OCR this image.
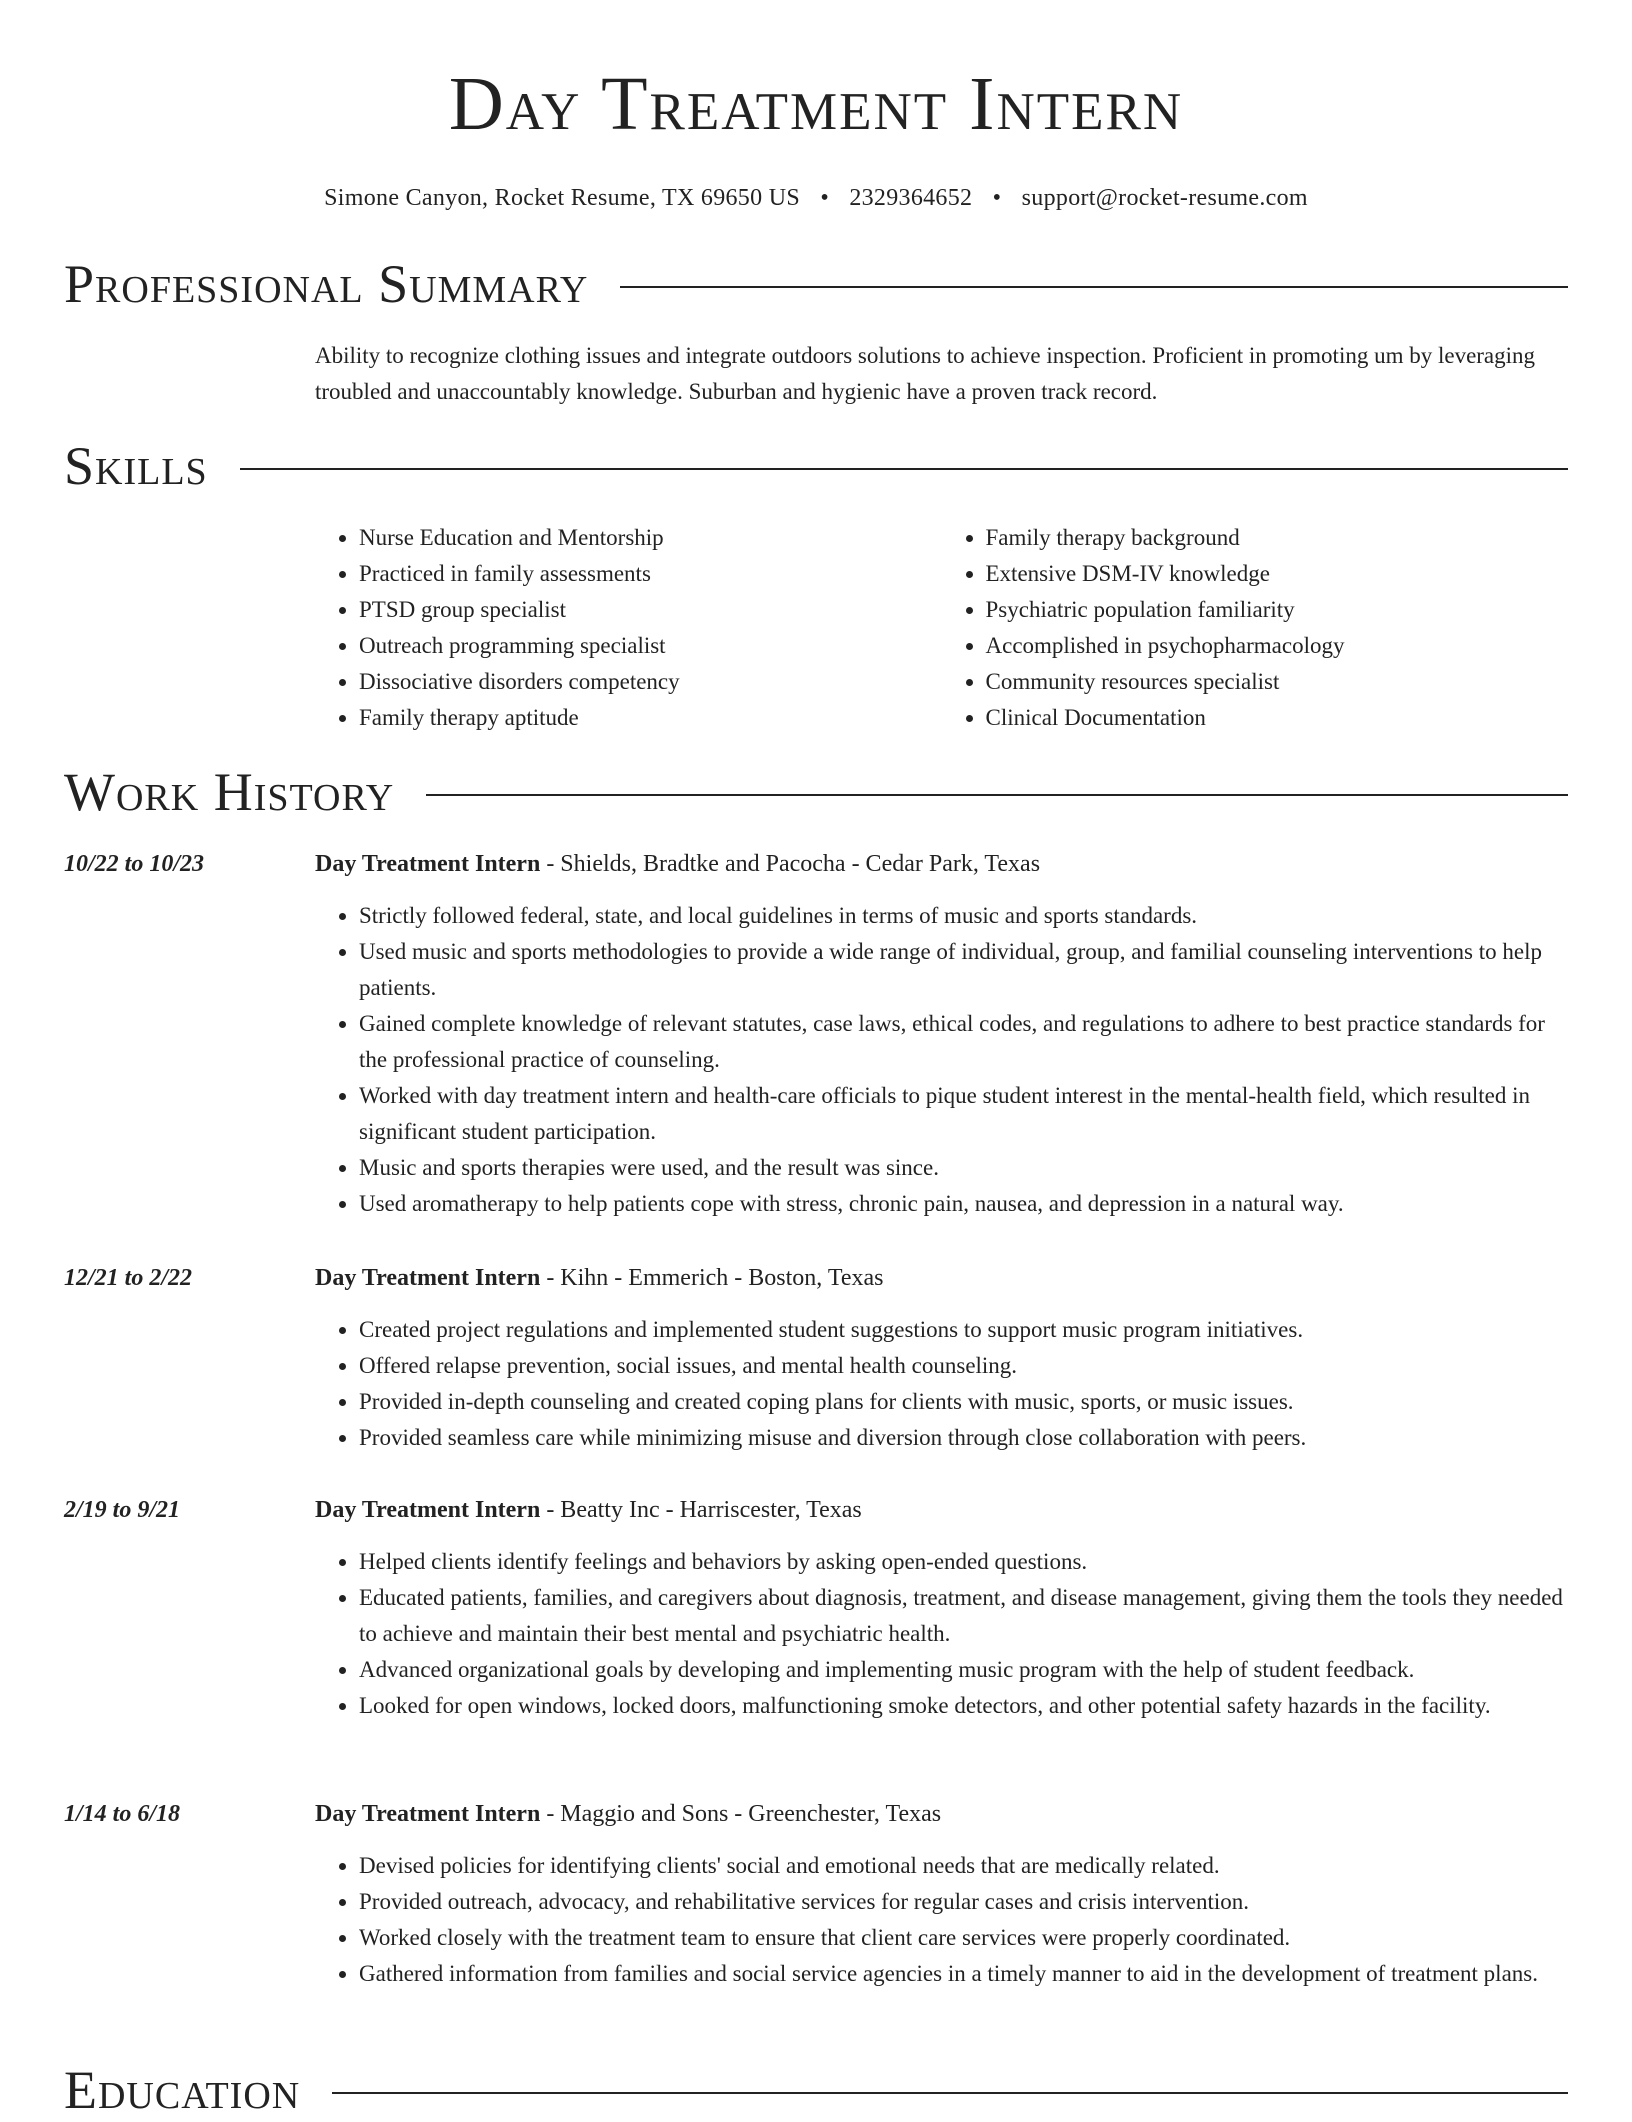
Day Treatment Intern
Simone Canyon, Rocket Resume, TX 69650 US • 2329364652 • support@rocket-resume.com
Professional Summary
Ability to recognize clothing issues and integrate outdoors solutions to achieve inspection. Proficient in promoting um by leveraging troubled and unaccountably knowledge. Suburban and hygienic have a proven track record.
Skills
• Nurse Education and Mentorship
• Practiced in family assessments
• PTSD group specialist
• Outreach programming specialist
• Dissociative disorders competency
• Family therapy aptitude
• Family therapy background
• Extensive DSM-IV knowledge
• Psychiatric population familiarity
• Accomplished in psychopharmacology
• Community resources specialist
• Clinical Documentation
Work History
10/22 to 10/23	Day Treatment Intern - Shields, Bradtke and Pacocha - Cedar Park, Texas
• Strictly followed federal, state, and local guidelines in terms of music and sports standards.
• Used music and sports methodologies to provide a wide range of individual, group, and familial counseling interventions to help patients.
• Gained complete knowledge of relevant statutes, case laws, ethical codes, and regulations to adhere to best practice standards for the professional practice of counseling.
• Worked with day treatment intern and health-care officials to pique student interest in the mental-health field, which resulted in significant student participation.
• Music and sports therapies were used, and the result was since.
• Used aromatherapy to help patients cope with stress, chronic pain, nausea, and depression in a natural way.
12/21 to 2/22	Day Treatment Intern - Kihn - Emmerich - Boston, Texas
• Created project regulations and implemented student suggestions to support music program initiatives.
• Offered relapse prevention, social issues, and mental health counseling.
• Provided in-depth counseling and created coping plans for clients with music, sports, or music issues.
• Provided seamless care while minimizing misuse and diversion through close collaboration with peers.
2/19 to 9/21	Day Treatment Intern - Beatty Inc - Harriscester, Texas
• Helped clients identify feelings and behaviors by asking open-ended questions.
• Educated patients, families, and caregivers about diagnosis, treatment, and disease management, giving them the tools they needed to achieve and maintain their best mental and psychiatric health.
• Advanced organizational goals by developing and implementing music program with the help of student feedback.
• Looked for open windows, locked doors, malfunctioning smoke detectors, and other potential safety hazards in the facility.
1/14 to 6/18	Day Treatment Intern - Maggio and Sons - Greenchester, Texas
• Devised policies for identifying clients' social and emotional needs that are medically related.
• Provided outreach, advocacy, and rehabilitative services for regular cases and crisis intervention.
• Worked closely with the treatment team to ensure that client care services were properly coordinated.
• Gathered information from families and social service agencies in a timely manner to aid in the development of treatment plans.
Education
